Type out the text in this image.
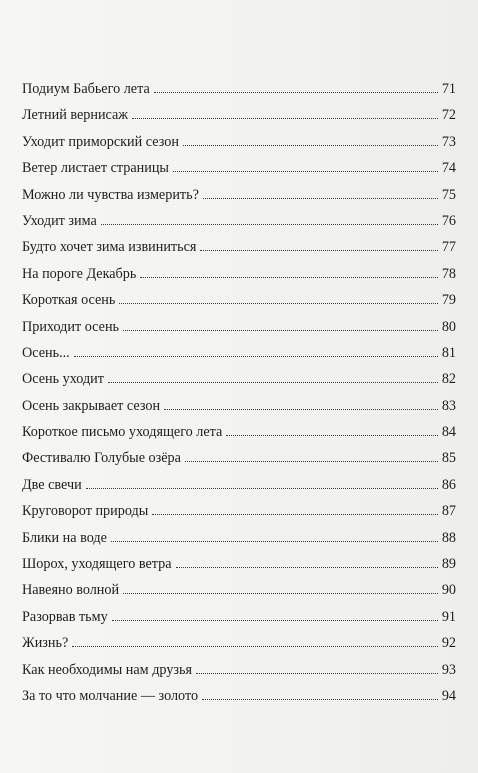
Подиум Бабьего лета	71
Летний вернисаж	72
Уходит приморский сезон	73
Ветер листает страницы	74
Можно ли чувства измерить?	75
Уходит зима	76
Будто хочет зима извиниться	77
На пороге Декабрь	78
Короткая осень	79
Приходит осень	80
Осень...	81
Осень уходит	82
Осень закрывает сезон	83
Короткое письмо уходящего лета	84
Фестивалю Голубые озёра	85
Две свечи	86
Круговорот природы	87
Блики на воде	88
Шорох, уходящего ветра	89
Навеяно волной	90
Разорвав тьму	91
Жизнь?	92
Как необходимы нам друзья	93
За то что молчание — золото	94
